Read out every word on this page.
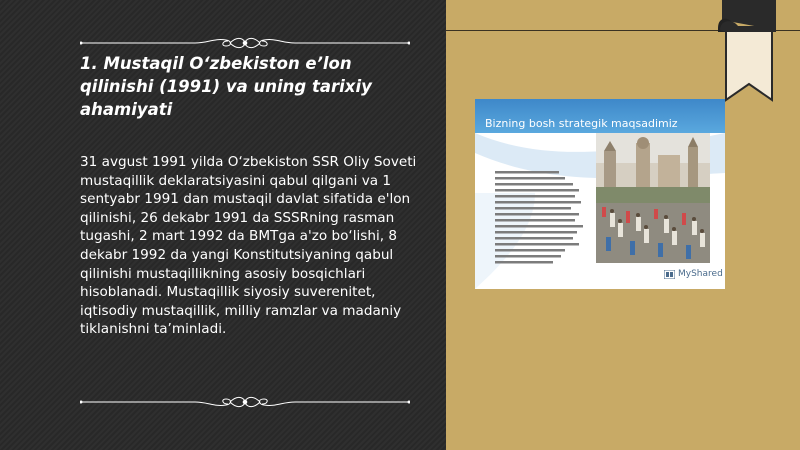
1. Mustaqil O‘zbekiston e’lon qilinishi (1991) va uning tarixiy ahamiyati

31 avgust 1991 yilda O‘zbekiston SSR Oliy Soveti mustaqillik deklaratsiyasini qabul qilgani va 1 sentyabr 1991 dan mustaqil davlat sifatida e'lon qilinishi, 26 dekabr 1991 da SSSRning rasman tugashi, 2 mart 1992 da BMTga a'zo bo‘lishi, 8 dekabr 1992 da yangi Konstitutsiyaning qabul qilinishi mustaqillikning asosiy bosqichlari hisoblanadi. Mustaqillik siyosiy suverenitet, iqtisodiy mustaqillik, milliy ramzlar va madaniy tiklanishni ta’minladi.

Bizning bosh strategik maqsadimiz
MyShared
